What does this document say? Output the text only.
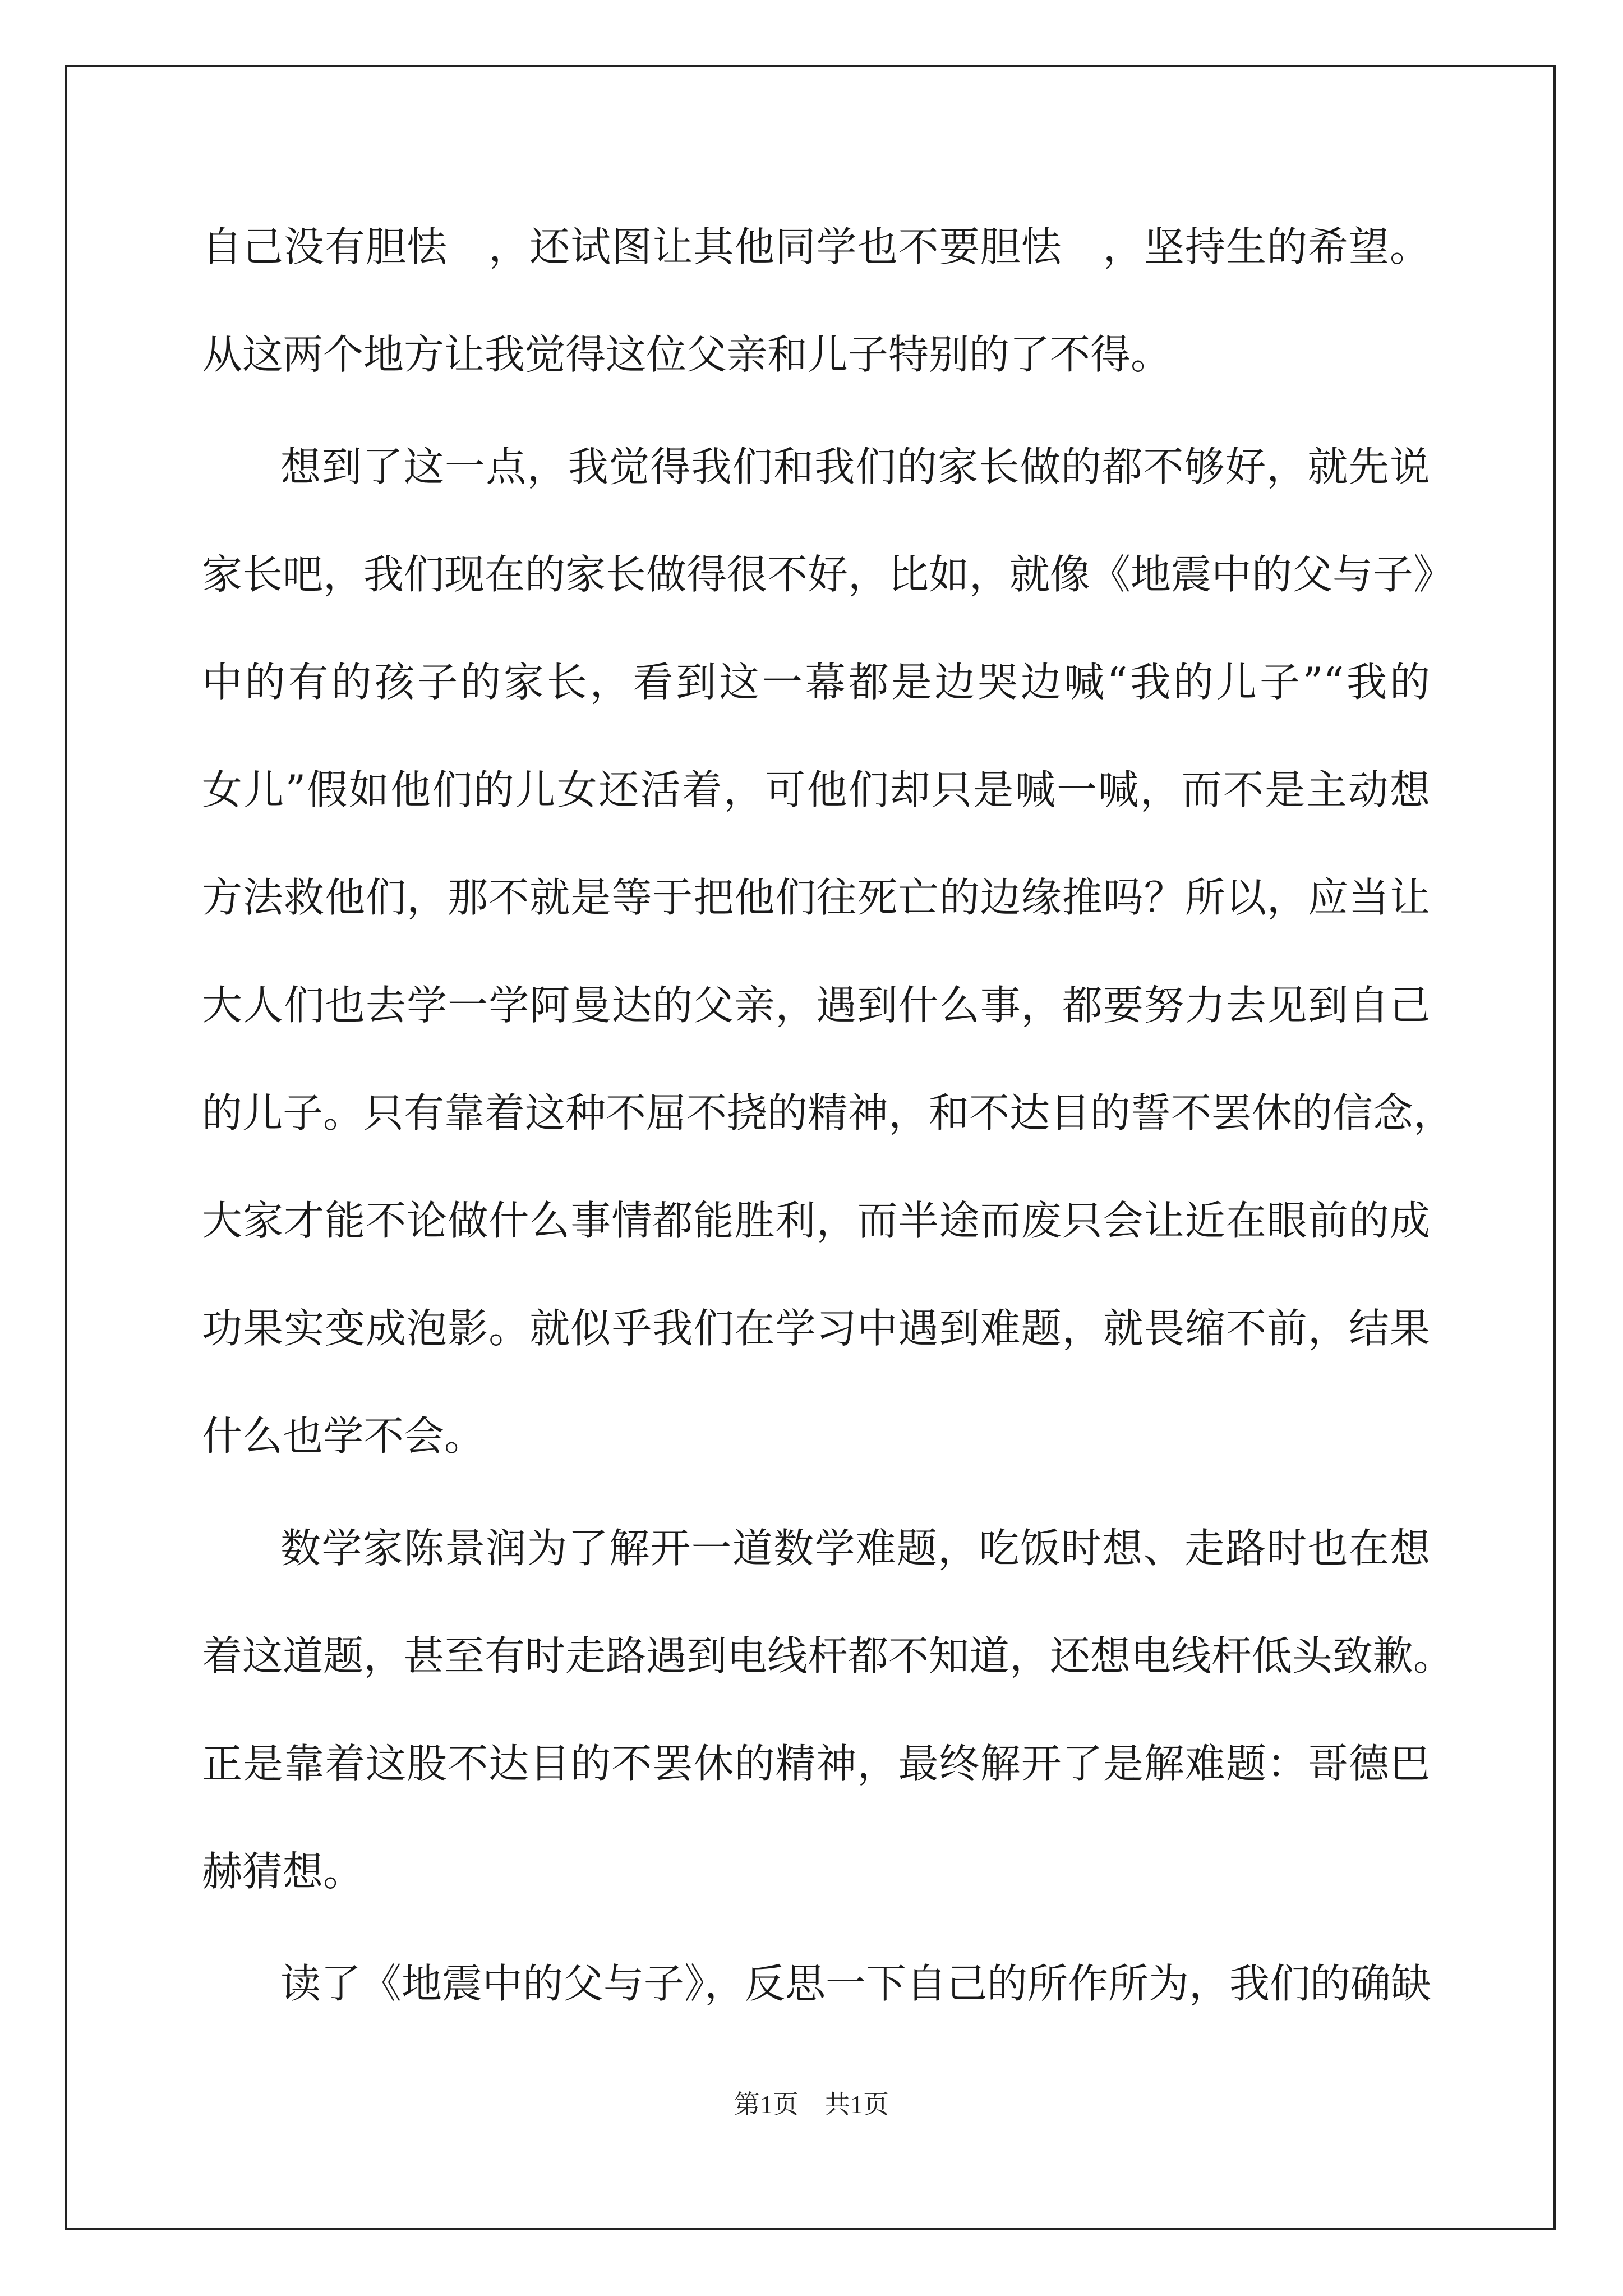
自己没有胆怯　，还试图让其他同学也不要胆怯　，坚持生的希望。
从这两个地方让我觉得这位父亲和儿子特别的了不得。
想到了这一点，我觉得我们和我们的家长做的都不够好，就先说
家长吧，我们现在的家长做得很不好，比如，就像《地震中的父与子》
中的有的孩子的家长，看到这一幕都是边哭边喊“我的儿子”“我的
女儿”假如他们的儿女还活着，可他们却只是喊一喊，而不是主动想
方法救他们，那不就是等于把他们往死亡的边缘推吗？所以，应当让
大人们也去学一学阿曼达的父亲，遇到什么事，都要努力去见到自己
的儿子。只有靠着这种不屈不挠的精神，和不达目的誓不罢休的信念，
大家才能不论做什么事情都能胜利，而半途而废只会让近在眼前的成
功果实变成泡影。就似乎我们在学习中遇到难题，就畏缩不前，结果
什么也学不会。
数学家陈景润为了解开一道数学难题，吃饭时想、走路时也在想
着这道题，甚至有时走路遇到电线杆都不知道，还想电线杆低头致歉。
正是靠着这股不达目的不罢休的精神，最终解开了是解难题：哥德巴
赫猜想。
读了《地震中的父与子》，反思一下自己的所作所为，我们的确缺
第1页　共1页
